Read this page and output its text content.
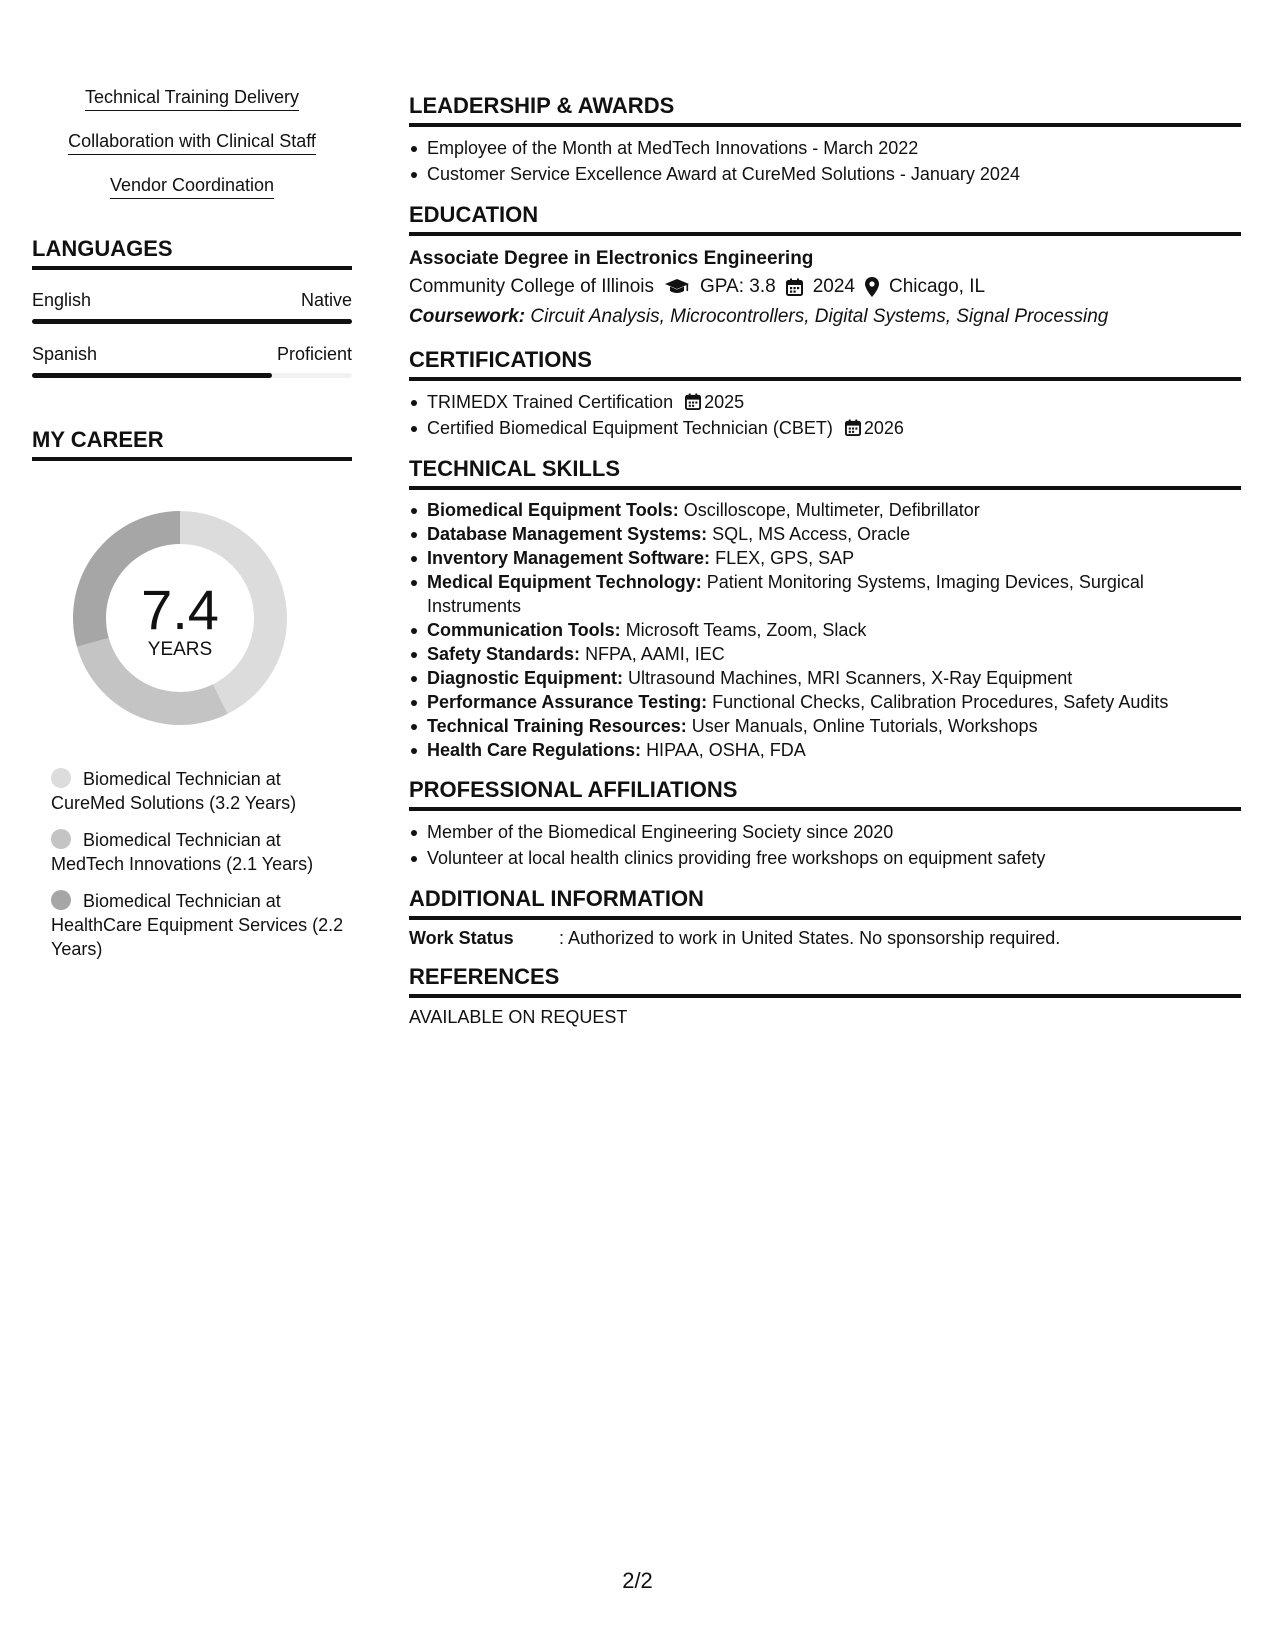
Technical Training Delivery
Collaboration with Clinical Staff
Vendor Coordination
LANGUAGES
English	Native
Spanish	Proficient
MY CAREER
7.4
YEARS
Biomedical Technician at CureMed Solutions (3.2 Years)
Biomedical Technician at MedTech Innovations (2.1 Years)
Biomedical Technician at HealthCare Equipment Services (2.2 Years)
LEADERSHIP & AWARDS
Employee of the Month at MedTech Innovations - March 2022
Customer Service Excellence Award at CureMed Solutions - January 2024
EDUCATION
Associate Degree in Electronics Engineering
Community College of Illinois GPA: 3.8 2024 Chicago, IL
Coursework: Circuit Analysis, Microcontrollers, Digital Systems, Signal Processing
CERTIFICATIONS
TRIMEDX Trained Certification 2025
Certified Biomedical Equipment Technician (CBET) 2026
TECHNICAL SKILLS
Biomedical Equipment Tools: Oscilloscope, Multimeter, Defibrillator
Database Management Systems: SQL, MS Access, Oracle
Inventory Management Software: FLEX, GPS, SAP
Medical Equipment Technology: Patient Monitoring Systems, Imaging Devices, Surgical Instruments
Communication Tools: Microsoft Teams, Zoom, Slack
Safety Standards: NFPA, AAMI, IEC
Diagnostic Equipment: Ultrasound Machines, MRI Scanners, X-Ray Equipment
Performance Assurance Testing: Functional Checks, Calibration Procedures, Safety Audits
Technical Training Resources: User Manuals, Online Tutorials, Workshops
Health Care Regulations: HIPAA, OSHA, FDA
PROFESSIONAL AFFILIATIONS
Member of the Biomedical Engineering Society since 2020
Volunteer at local health clinics providing free workshops on equipment safety
ADDITIONAL INFORMATION
Work Status	: Authorized to work in United States. No sponsorship required.
REFERENCES
AVAILABLE ON REQUEST
2/2
